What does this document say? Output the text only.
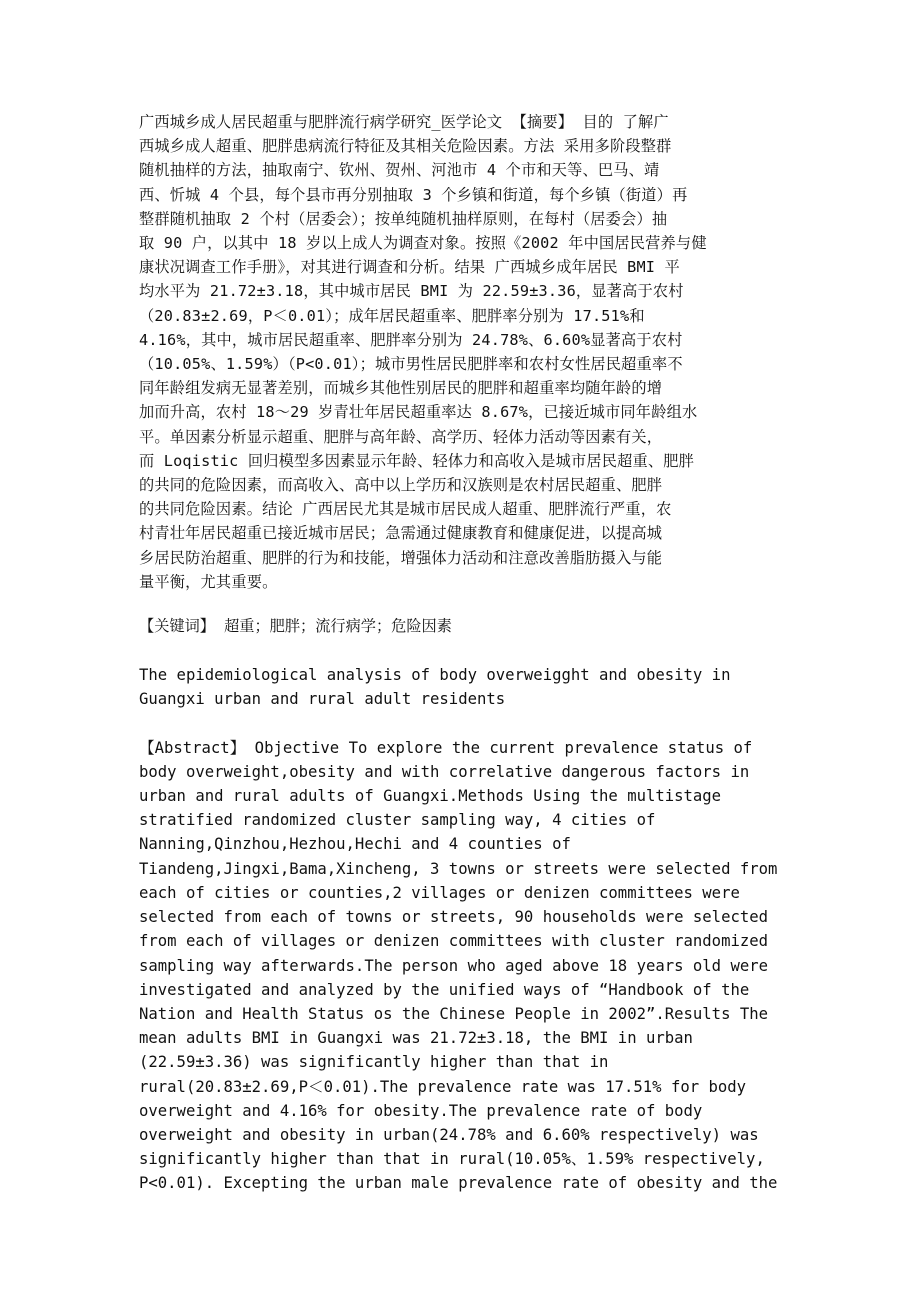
广西城乡成人居民超重与肥胖流行病学研究_医学论文 【摘要】 目的 了解广
西城乡成人超重、肥胖患病流行特征及其相关危险因素。方法 采用多阶段整群
随机抽样的方法，抽取南宁、钦州、贺州、河池市 4 个市和天等、巴马、靖
西、忻城 4 个县，每个县市再分别抽取 3 个乡镇和街道，每个乡镇（街道）再
整群随机抽取 2 个村（居委会）；按单纯随机抽样原则，在每村（居委会）抽
取 90 户，以其中 18 岁以上成人为调查对象。按照《2002 年中国居民营养与健
康状况调查工作手册》，对其进行调查和分析。结果 广西城乡成年居民 BMI 平
均水平为 21.72±3.18，其中城市居民 BMI 为 22.59±3.36，显著高于农村
（20.83±2.69，P＜0.01）；成年居民超重率、肥胖率分别为 17.51%和
4.16%，其中，城市居民超重率、肥胖率分别为 24.78%、6.60%显著高于农村
（10.05%、1.59%）（P<0.01）；城市男性居民肥胖率和农村女性居民超重率不
同年龄组发病无显著差别，而城乡其他性别居民的肥胖和超重率均随年龄的增
加而升高，农村 18～29 岁青壮年居民超重率达 8.67%，已接近城市同年龄组水
平。单因素分析显示超重、肥胖与高年龄、高学历、轻体力活动等因素有关，
而 Loqistic 回归模型多因素显示年龄、轻体力和高收入是城市居民超重、肥胖
的共同的危险因素，而高收入、高中以上学历和汉族则是农村居民超重、肥胖
的共同危险因素。结论 广西居民尤其是城市居民成人超重、肥胖流行严重，农
村青壮年居民超重已接近城市居民；急需通过健康教育和健康促进，以提高城
乡居民防治超重、肥胖的行为和技能，增强体力活动和注意改善脂肪摄入与能
量平衡，尤其重要。

【关键词】 超重；肥胖；流行病学；危险因素

The epidemiological analysis of body overweigght and obesity in
Guangxi urban and rural adult residents

【Abstract】 Objective To explore the current prevalence status of
body overweight,obesity and with correlative dangerous factors in
urban and rural adults of Guangxi.Methods Using the multistage
stratified randomized cluster sampling way, 4 cities of
Nanning,Qinzhou,Hezhou,Hechi and 4 counties of
Tiandeng,Jingxi,Bama,Xincheng, 3 towns or streets were selected from
each of cities or counties,2 villages or denizen committees were
selected from each of towns or streets, 90 households were selected
from each of villages or denizen committees with cluster randomized
sampling way afterwards.The person who aged above 18 years old were
investigated and analyzed by the unified ways of “Handbook of the
Nation and Health Status os the Chinese People in 2002”.Results The
mean adults BMI in Guangxi was 21.72±3.18, the BMI in urban
(22.59±3.36) was significantly higher than that in
rural(20.83±2.69,P＜0.01).The prevalence rate was 17.51% for body
overweight and 4.16% for obesity.The prevalence rate of body
overweight and obesity in urban(24.78% and 6.60% respectively) was
significantly higher than that in rural(10.05%、1.59% respectively,
P<0.01). Excepting the urban male prevalence rate of obesity and the
